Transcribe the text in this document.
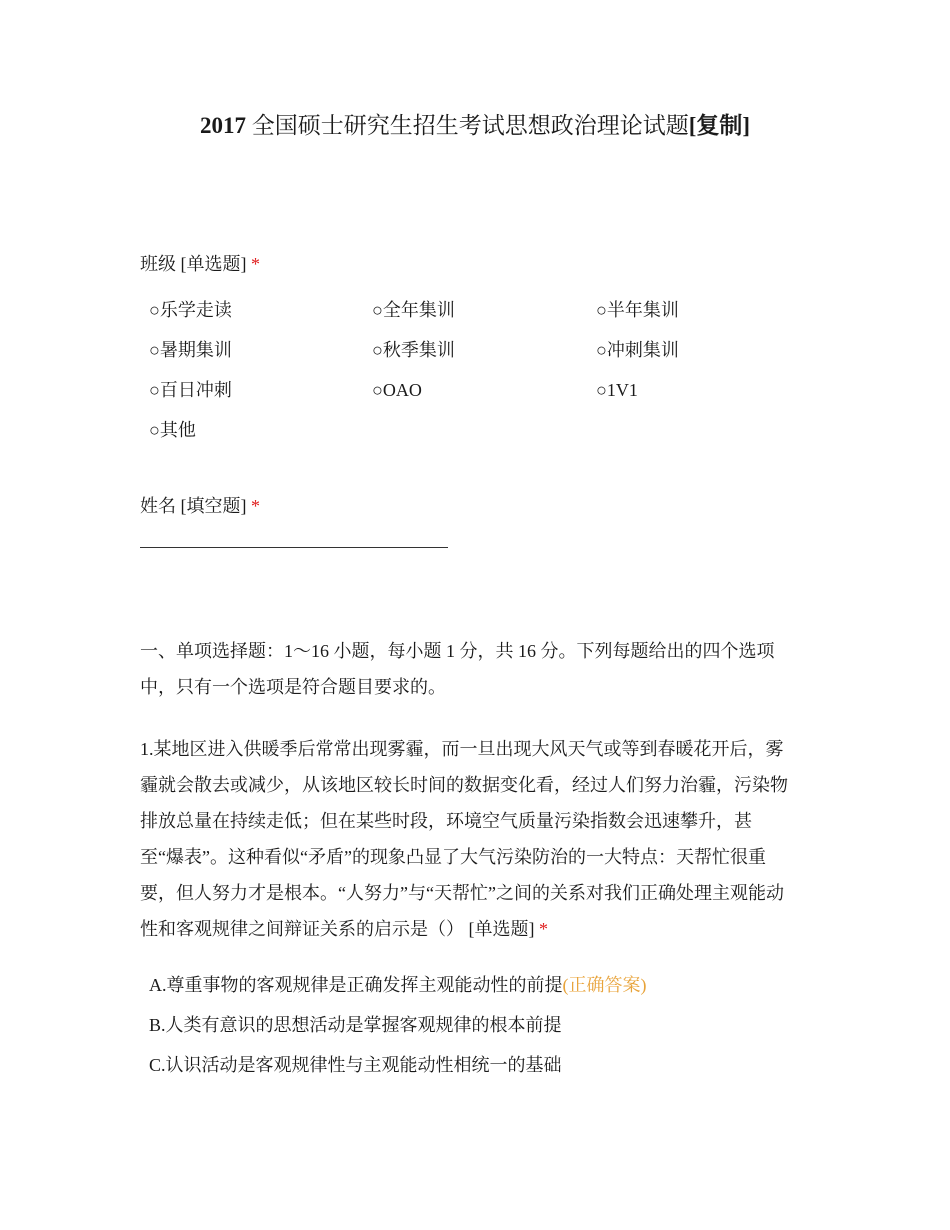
2017 全国硕士研究生招生考试思想政治理论试题[复制]
班级 [单选题] *
○乐学走读	○全年集训	○半年集训
○暑期集训	○秋季集训	○冲刺集训
○百日冲刺	○OAO	○1V1
○其他
姓名 [填空题] *
一、单项选择题：1～16 小题，每小题 1 分，共 16 分。下列每题给出的四个选项
中，只有一个选项是符合题目要求的。
1.某地区进入供暖季后常常出现雾霾，而一旦出现大风天气或等到春暖花开后，雾
霾就会散去或减少，从该地区较长时间的数据变化看，经过人们努力治霾，污染物
排放总量在持续走低；但在某些时段，环境空气质量污染指数会迅速攀升，甚
至“爆表”。这种看似“矛盾”的现象凸显了大气污染防治的一大特点：天帮忙很重
要，但人努力才是根本。“人努力”与“天帮忙”之间的关系对我们正确处理主观能动
性和客观规律之间辩证关系的启示是（） [单选题] *
A.尊重事物的客观规律是正确发挥主观能动性的前提(正确答案)
B.人类有意识的思想活动是掌握客观规律的根本前提
C.认识活动是客观规律性与主观能动性相统一的基础
